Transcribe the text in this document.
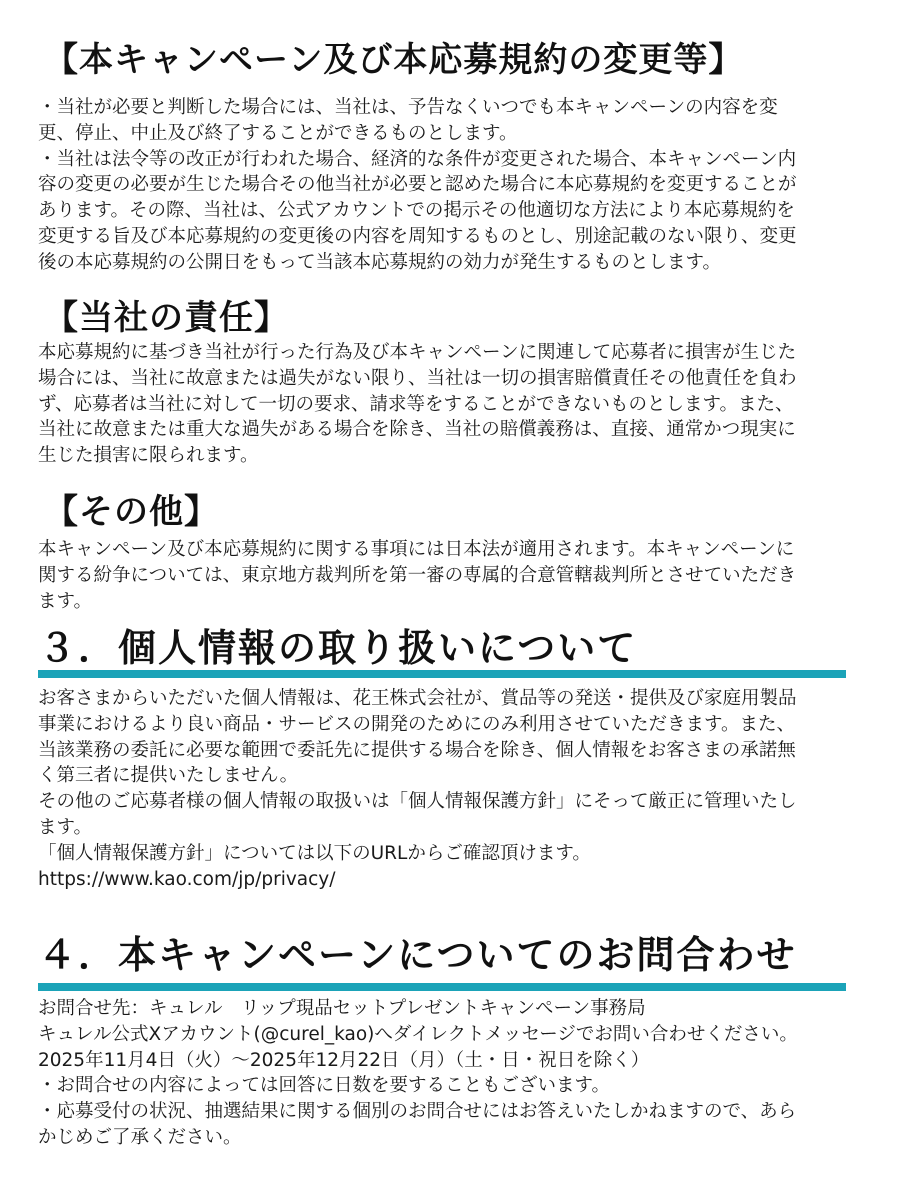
【本キャンペーン及び本応募規約の変更等】
・当社が必要と判断した場合には、当社は、予告なくいつでも本キャンペーンの内容を変
更、停止、中止及び終了することができるものとします。
・当社は法令等の改正が行われた場合、経済的な条件が変更された場合、本キャンペーン内
容の変更の必要が生じた場合その他当社が必要と認めた場合に本応募規約を変更することが
あります。その際、当社は、公式アカウントでの掲示その他適切な方法により本応募規約を
変更する旨及び本応募規約の変更後の内容を周知するものとし、別途記載のない限り、変更
後の本応募規約の公開日をもって当該本応募規約の効力が発生するものとします。
【当社の責任】
本応募規約に基づき当社が行った行為及び本キャンペーンに関連して応募者に損害が生じた
場合には、当社に故意または過失がない限り、当社は一切の損害賠償責任その他責任を負わ
ず、応募者は当社に対して一切の要求、請求等をすることができないものとします。また、
当社に故意または重大な過失がある場合を除き、当社の賠償義務は、直接、通常かつ現実に
生じた損害に限られます。
【その他】
本キャンペーン及び本応募規約に関する事項には日本法が適用されます。本キャンペーンに
関する紛争については、東京地方裁判所を第一審の専属的合意管轄裁判所とさせていただき
ます。
３．個人情報の取り扱いについて
お客さまからいただいた個人情報は、花王株式会社が、賞品等の発送・提供及び家庭用製品
事業におけるより良い商品・サービスの開発のためにのみ利用させていただきます。また、
当該業務の委託に必要な範囲で委託先に提供する場合を除き、個人情報をお客さまの承諾無
く第三者に提供いたしません。
その他のご応募者様の個人情報の取扱いは「個人情報保護方針」にそって厳正に管理いたし
ます。
「個人情報保護方針」については以下のURLからご確認頂けます。
https://www.kao.com/jp/privacy/
４．本キャンペーンについてのお問合わせ
お問合せ先：キュレル　リップ現品セットプレゼントキャンペーン事務局
キュレル公式Xアカウント(@curel_kao)へダイレクトメッセージでお問い合わせください。
2025年11月4日（火）～2025年12月22日（月）（土・日・祝日を除く）
・お問合せの内容によっては回答に日数を要することもございます。
・応募受付の状況、抽選結果に関する個別のお問合せにはお答えいたしかねますので、あら
かじめご了承ください。
